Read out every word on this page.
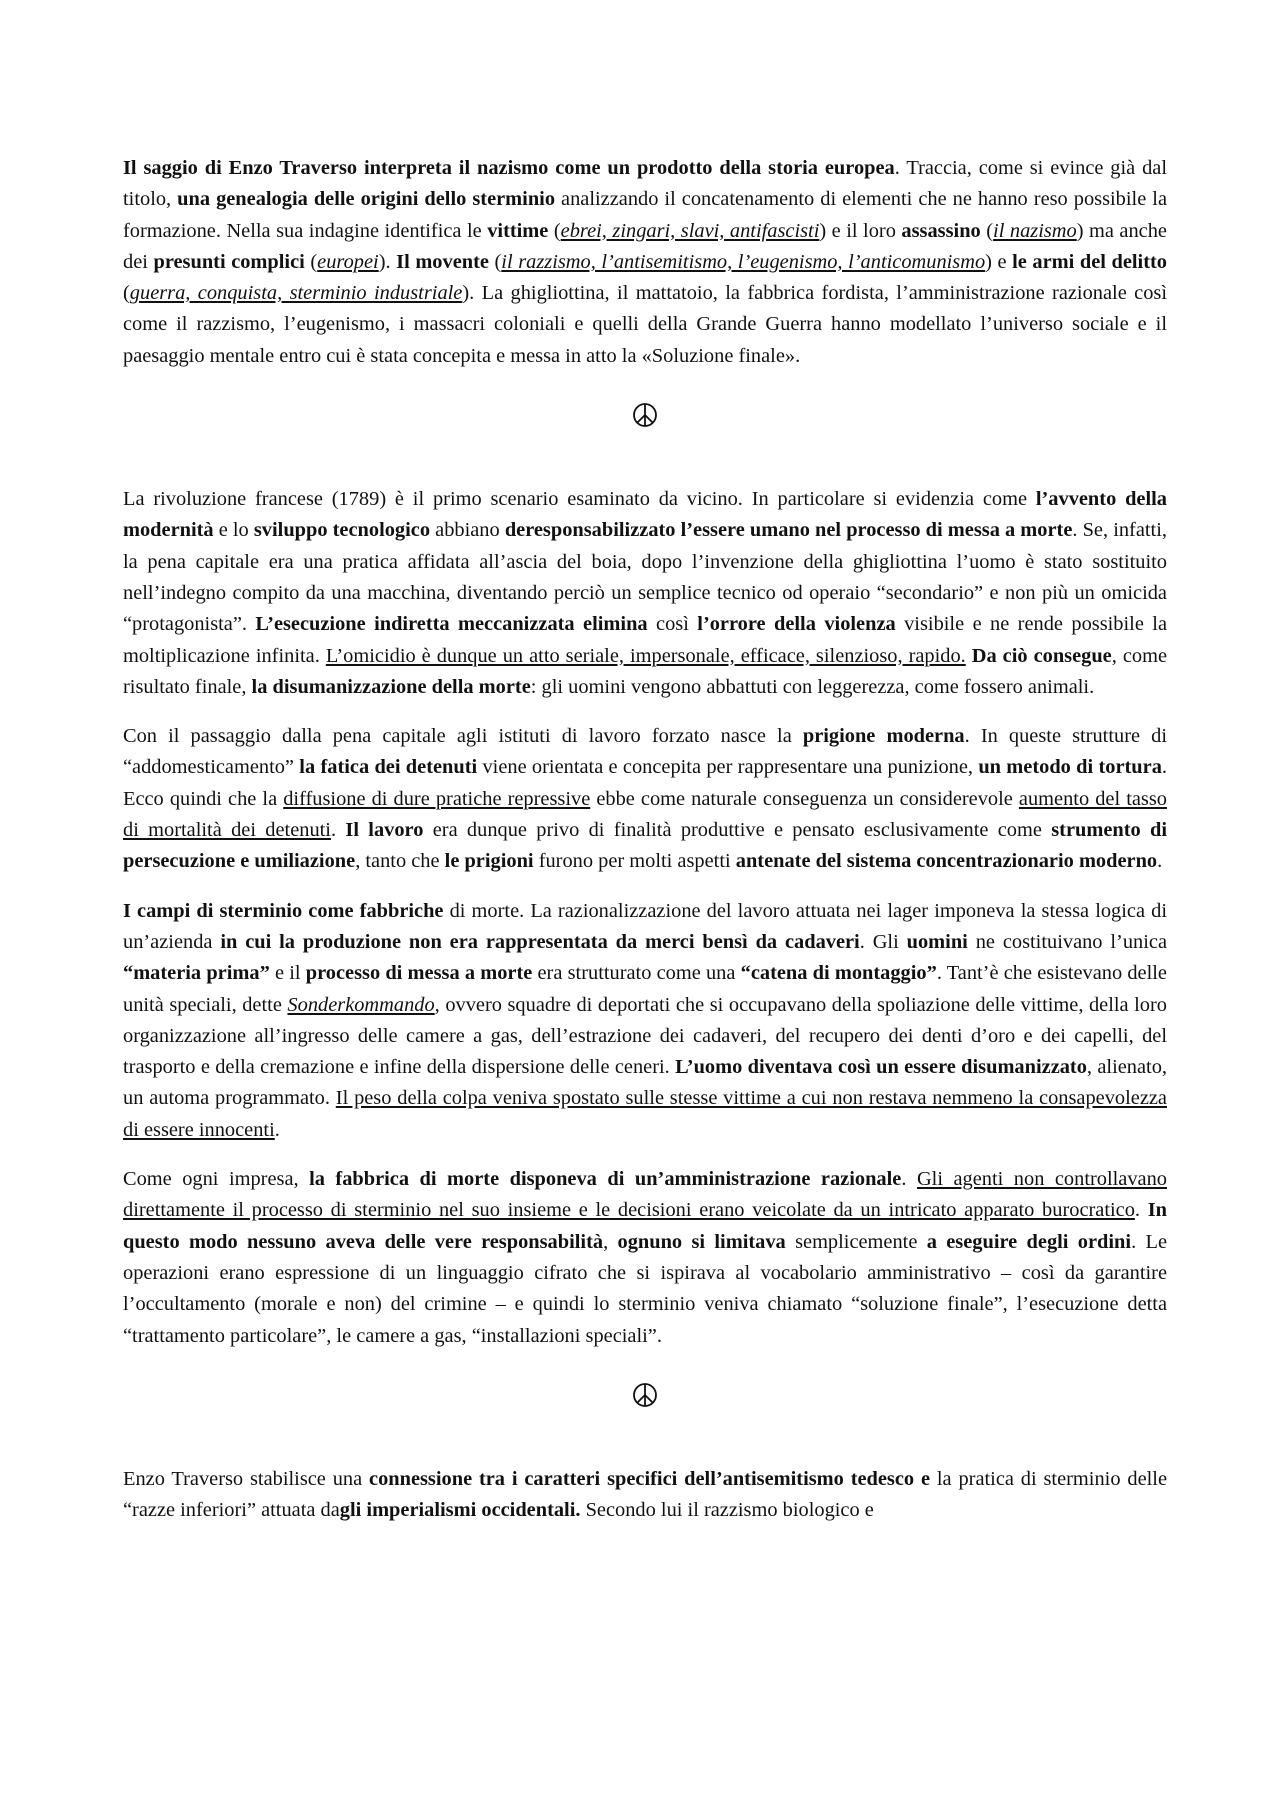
Il saggio di Enzo Traverso interpreta il nazismo come un prodotto della storia europea. Traccia, come si evince già dal titolo, una genealogia delle origini dello sterminio analizzando il concatenamento di elementi che ne hanno reso possibile la formazione. Nella sua indagine identifica le vittime (ebrei, zingari, slavi, antifascisti) e il loro assassino (il nazismo) ma anche dei presunti complici (europei). Il movente (il razzismo, l’antisemitismo, l’eugenismo, l’anticomunismo) e le armi del delitto (guerra, conquista, sterminio industriale). La ghigliottina, il mattatoio, la fabbrica fordista, l’amministrazione razionale così come il razzismo, l’eugenismo, i massacri coloniali e quelli della Grande Guerra hanno modellato l’universo sociale e il paesaggio mentale entro cui è stata concepita e messa in atto la «Soluzione finale».

La rivoluzione francese (1789) è il primo scenario esaminato da vicino. In particolare si evidenzia come l’avvento della modernità e lo sviluppo tecnologico abbiano deresponsabilizzato l’essere umano nel processo di messa a morte. Se, infatti, la pena capitale era una pratica affidata all’ascia del boia, dopo l’invenzione della ghigliottina l’uomo è stato sostituito nell’indegno compito da una macchina, diventando perciò un semplice tecnico od operaio “secondario” e non più un omicida “protagonista”. L’esecuzione indiretta meccanizzata elimina così l’orrore della violenza visibile e ne rende possibile la moltiplicazione infinita. L’omicidio è dunque un atto seriale, impersonale, efficace, silenzioso, rapido. Da ciò consegue, come risultato finale, la disumanizzazione della morte: gli uomini vengono abbattuti con leggerezza, come fossero animali.

Con il passaggio dalla pena capitale agli istituti di lavoro forzato nasce la prigione moderna. In queste strutture di “addomesticamento” la fatica dei detenuti viene orientata e concepita per rappresentare una punizione, un metodo di tortura. Ecco quindi che la diffusione di dure pratiche repressive ebbe come naturale conseguenza un considerevole aumento del tasso di mortalità dei detenuti. Il lavoro era dunque privo di finalità produttive e pensato esclusivamente come strumento di persecuzione e umiliazione, tanto che le prigioni furono per molti aspetti antenate del sistema concentrazionario moderno.

I campi di sterminio come fabbriche di morte. La razionalizzazione del lavoro attuata nei lager imponeva la stessa logica di un’azienda in cui la produzione non era rappresentata da merci bensì da cadaveri. Gli uomini ne costituivano l’unica “materia prima” e il processo di messa a morte era strutturato come una “catena di montaggio”. Tant’è che esistevano delle unità speciali, dette Sonderkommando, ovvero squadre di deportati che si occupavano della spoliazione delle vittime, della loro organizzazione all’ingresso delle camere a gas, dell’estrazione dei cadaveri, del recupero dei denti d’oro e dei capelli, del trasporto e della cremazione e infine della dispersione delle ceneri. L’uomo diventava così un essere disumanizzato, alienato, un automa programmato. Il peso della colpa veniva spostato sulle stesse vittime a cui non restava nemmeno la consapevolezza di essere innocenti.

Come ogni impresa, la fabbrica di morte disponeva di un’amministrazione razionale. Gli agenti non controllavano direttamente il processo di sterminio nel suo insieme e le decisioni erano veicolate da un intricato apparato burocratico. In questo modo nessuno aveva delle vere responsabilità, ognuno si limitava semplicemente a eseguire degli ordini. Le operazioni erano espressione di un linguaggio cifrato che si ispirava al vocabolario amministrativo – così da garantire l’occultamento (morale e non) del crimine – e quindi lo sterminio veniva chiamato “soluzione finale”, l’esecuzione detta “trattamento particolare”, le camere a gas, “installazioni speciali”.

Enzo Traverso stabilisce una connessione tra i caratteri specifici dell’antisemitismo tedesco e la pratica di sterminio delle “razze inferiori” attuata dagli imperialismi occidentali. Secondo lui il razzismo biologico e
